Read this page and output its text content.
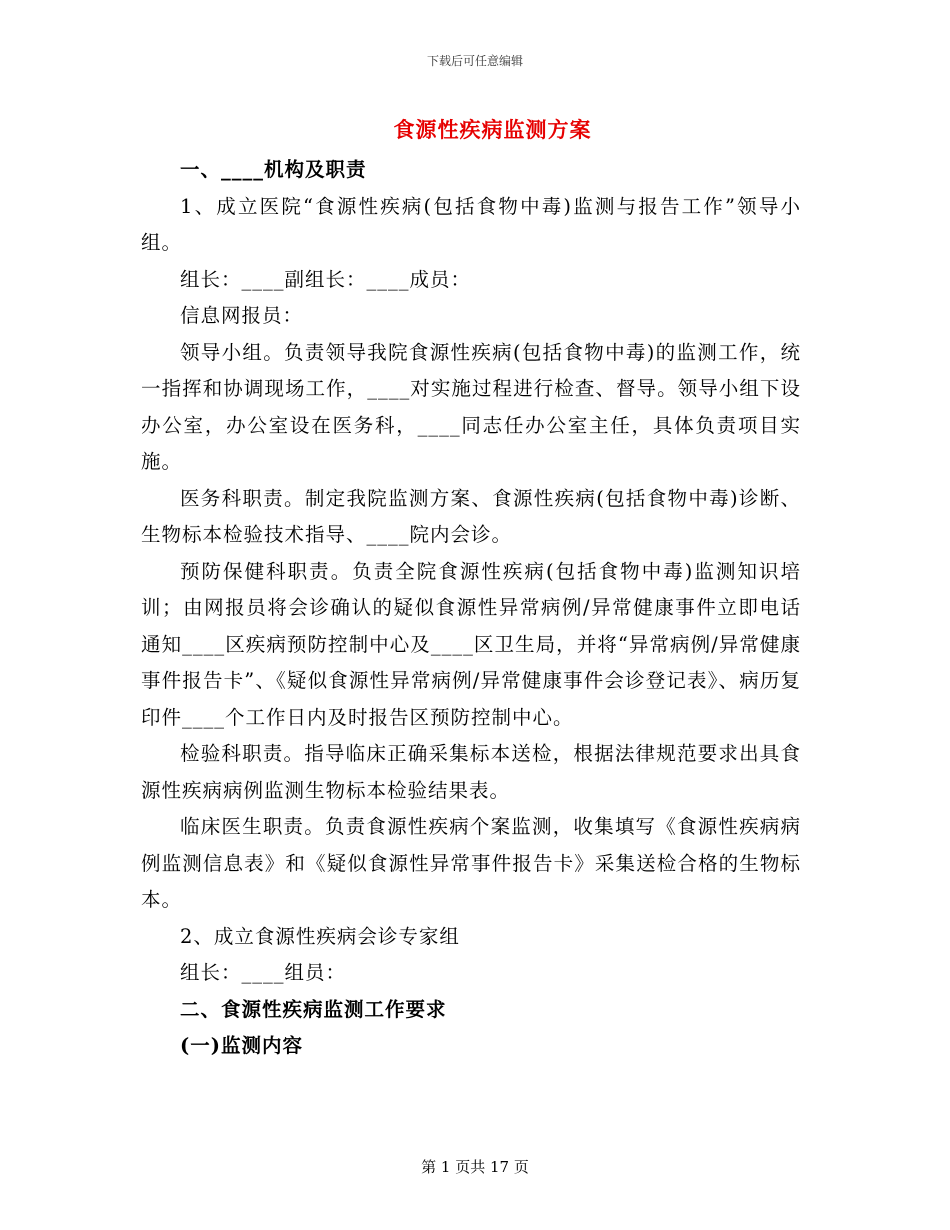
下载后可任意编辑
食源性疾病监测方案

一、____机构及职责

1、成立医院“食源性疾病(包括食物中毒)监测与报告工作”领导小组。

组长：____副组长：____成员：

信息网报员：

领导小组。负责领导我院食源性疾病(包括食物中毒)的监测工作，统一指挥和协调现场工作，____对实施过程进行检查、督导。领导小组下设办公室，办公室设在医务科，____同志任办公室主任，具体负责项目实施。

医务科职责。制定我院监测方案、食源性疾病(包括食物中毒)诊断、生物标本检验技术指导、____院内会诊。

预防保健科职责。负责全院食源性疾病(包括食物中毒)监测知识培训；由网报员将会诊确认的疑似食源性异常病例/异常健康事件立即电话通知____区疾病预防控制中心及____区卫生局，并将“异常病例/异常健康事件报告卡”、《疑似食源性异常病例/异常健康事件会诊登记表》、病历复印件____个工作日内及时报告区预防控制中心。

检验科职责。指导临床正确采集标本送检，根据法律规范要求出具食源性疾病病例监测生物标本检验结果表。

临床医生职责。负责食源性疾病个案监测，收集填写《食源性疾病病例监测信息表》和《疑似食源性异常事件报告卡》采集送检合格的生物标本。

2、成立食源性疾病会诊专家组

组长：____组员：

二、食源性疾病监测工作要求

(一)监测内容

第 1 页共 17 页
